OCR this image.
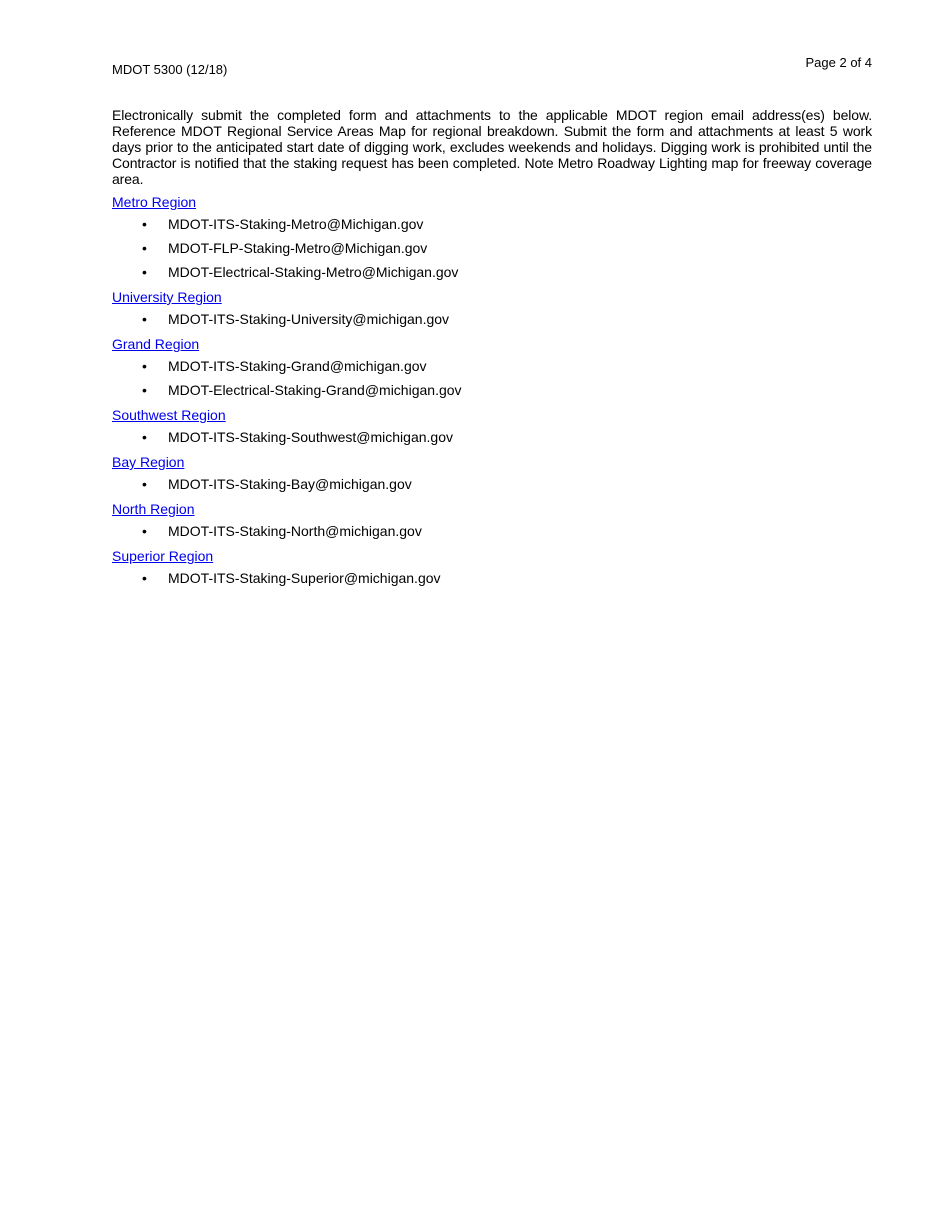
MDOT 5300 (12/18)	Page 2 of 4

Electronically submit the completed form and attachments to the applicable MDOT region email address(es) below. Reference MDOT Regional Service Areas Map for regional breakdown. Submit the form and attachments at least 5 work days prior to the anticipated start date of digging work, excludes weekends and holidays. Digging work is prohibited until the Contractor is notified that the staking request has been completed. Note Metro Roadway Lighting map for freeway coverage area.

Metro Region
• MDOT-ITS-Staking-Metro@Michigan.gov
• MDOT-FLP-Staking-Metro@Michigan.gov
• MDOT-Electrical-Staking-Metro@Michigan.gov
University Region
• MDOT-ITS-Staking-University@michigan.gov
Grand Region
• MDOT-ITS-Staking-Grand@michigan.gov
• MDOT-Electrical-Staking-Grand@michigan.gov
Southwest Region
• MDOT-ITS-Staking-Southwest@michigan.gov
Bay Region
• MDOT-ITS-Staking-Bay@michigan.gov
North Region
• MDOT-ITS-Staking-North@michigan.gov
Superior Region
• MDOT-ITS-Staking-Superior@michigan.gov
